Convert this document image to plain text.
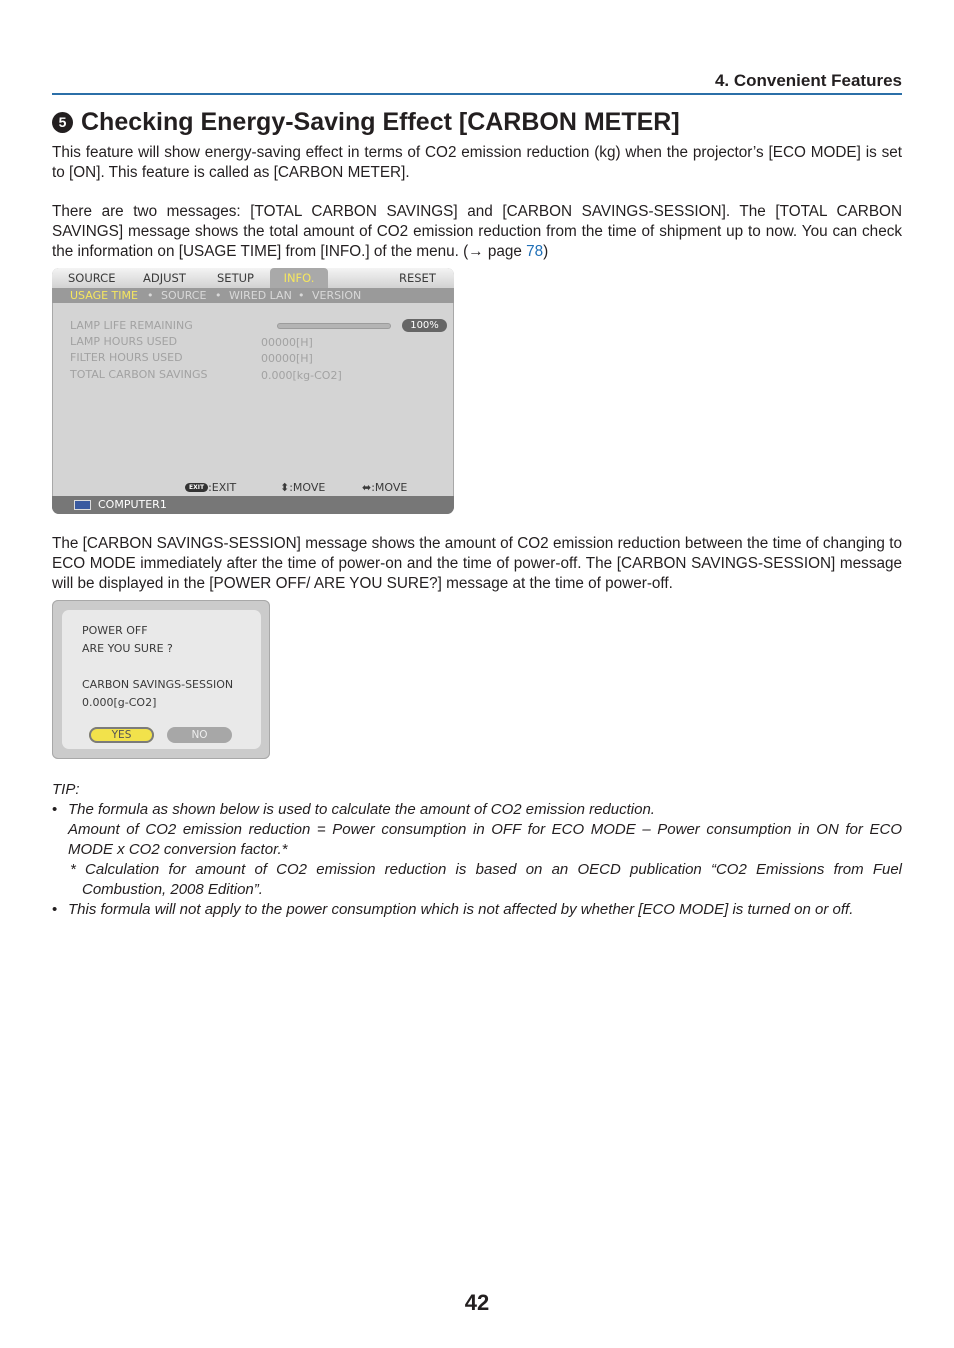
4. Convenient Features
5 Checking Energy-Saving Effect [CARBON METER]

This feature will show energy-saving effect in terms of CO2 emission reduction (kg) when the projector’s [ECO MODE] is set to [ON]. This feature is called as [CARBON METER].

There are two messages: [TOTAL CARBON SAVINGS] and [CARBON SAVINGS-SESSION]. The [TOTAL CARBON SAVINGS] message shows the total amount of CO2 emission reduction from the time of shipment up to now. You can check the information on [USAGE TIME] from [INFO.] of the menu. (→ page 78)

SOURCE ADJUST	SETUP	INFO.	RESET
USAGE TIME • SOURCE • WIRED LAN • VERSION
LAMP LIFE REMAINING	100%
LAMP HOURS USED	00000[H]
FILTER HOURS USED	00000[H]
TOTAL CARBON SAVINGS	0.000[kg-CO2]
EXIT :EXIT	⬍:MOVE	⬌:MOVE
COMPUTER1

The [CARBON SAVINGS-SESSION] message shows the amount of CO2 emission reduction between the time of changing to ECO MODE immediately after the time of power-on and the time of power-off. The [CARBON SAVINGS-SESSION] message will be displayed in the [POWER OFF/ ARE YOU SURE?] message at the time of power-off.

POWER OFF
ARE YOU SURE ?
CARBON SAVINGS-SESSION
0.000[g-CO2]
YES	NO

TIP:

• The formula as shown below is used to calculate the amount of CO2 emission reduction.

Amount of CO2 emission reduction = Power consumption in OFF for ECO MODE – Power consumption in ON for ECO MODE x CO2 conversion factor.*

* Calculation for amount of CO2 emission reduction is based on an OECD publication “CO2 Emissions from Fuel Combustion, 2008 Edition”.

• This formula will not apply to the power consumption which is not affected by whether [ECO MODE] is turned on or off.

42
